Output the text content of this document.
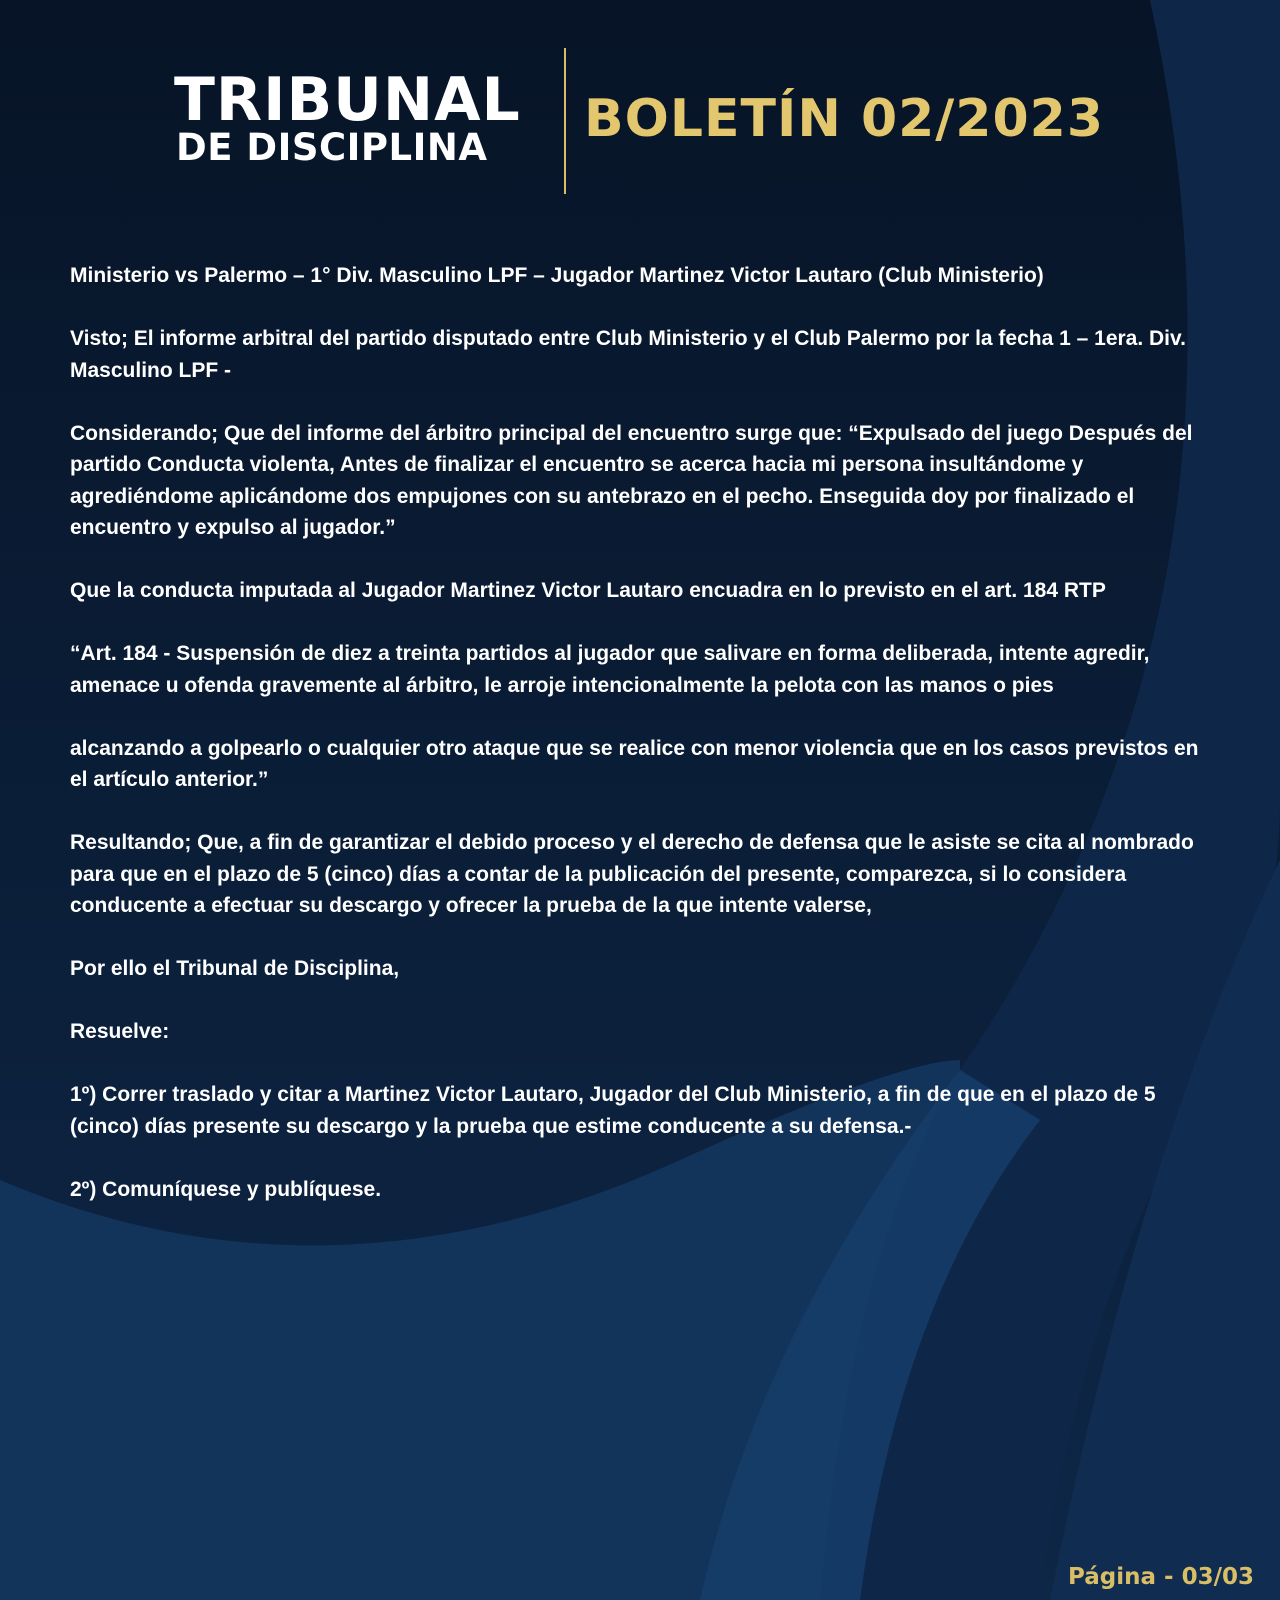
TRIBUNAL
DE DISCIPLINA BOLETÍN 02/2023

Ministerio vs Palermo – 1° Div. Masculino LPF – Jugador Martinez Victor Lautaro (Club Ministerio)

Visto; El informe arbitral del partido disputado entre Club Ministerio y el Club Palermo por la fecha 1 – 1era. Div. Masculino LPF -

Considerando; Que del informe del árbitro principal del encuentro surge que: “Expulsado del juego Después del partido Conducta violenta, Antes de finalizar el encuentro se acerca hacia mi persona insultándome y agrediéndome aplicándome dos empujones con su antebrazo en el pecho. Enseguida doy por finalizado el encuentro y expulso al jugador.”

Que la conducta imputada al Jugador Martinez Victor Lautaro encuadra en lo previsto en el art. 184 RTP

“Art. 184 - Suspensión de diez a treinta partidos al jugador que salivare en forma deliberada, intente agredir, amenace u ofenda gravemente al árbitro, le arroje intencionalmente la pelota con las manos o pies

alcanzando a golpearlo o cualquier otro ataque que se realice con menor violencia que en los casos previstos en el artículo anterior.”

Resultando; Que, a fin de garantizar el debido proceso y el derecho de defensa que le asiste se cita al nombrado para que en el plazo de 5 (cinco) días a contar de la publicación del presente, comparezca, si lo considera conducente a efectuar su descargo y ofrecer la prueba de la que intente valerse,

Por ello el Tribunal de Disciplina,

Resuelve:

1º) Correr traslado y citar a Martinez Victor Lautaro, Jugador del Club Ministerio, a fin de que en el plazo de 5 (cinco) días presente su descargo y la prueba que estime conducente a su defensa.-

2º) Comuníquese y publíquese.

Página - 03/03
